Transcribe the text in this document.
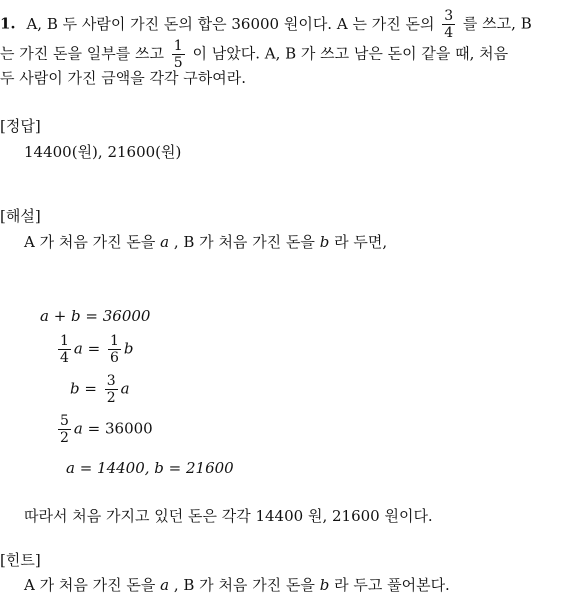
1. A, B 두 사람이 가진 돈의 합은 36000 원이다. A 는 가진 돈의 $\frac{3}{4}$ 를 쓰고, B
는 가진 돈을 일부를 쓰고 $\frac{1}{5}$ 이 남았다. A, B 가 쓰고 남은 돈이 같을 때, 처음
두 사람이 가진 금액을 각각 구하여라.
[정답]
14400(원), 21600(원)
[해설]
A 가 처음 가진 돈을 a , B 가 처음 가진 돈을 b 라 두면,
a + b = 36000
$\frac{1}{4}$ $a = \frac{1}{6}$ b
$b = \frac{3}{2}$ a
$\frac{5}{2}$ a = 36000
a = 14400, b = 21600
따라서 처음 가지고 있던 돈은 각각 14400 원, 21600 원이다.
[힌트]
A 가 처음 가진 돈을 a , B 가 처음 가진 돈을 b 라 두고 풀어본다.
